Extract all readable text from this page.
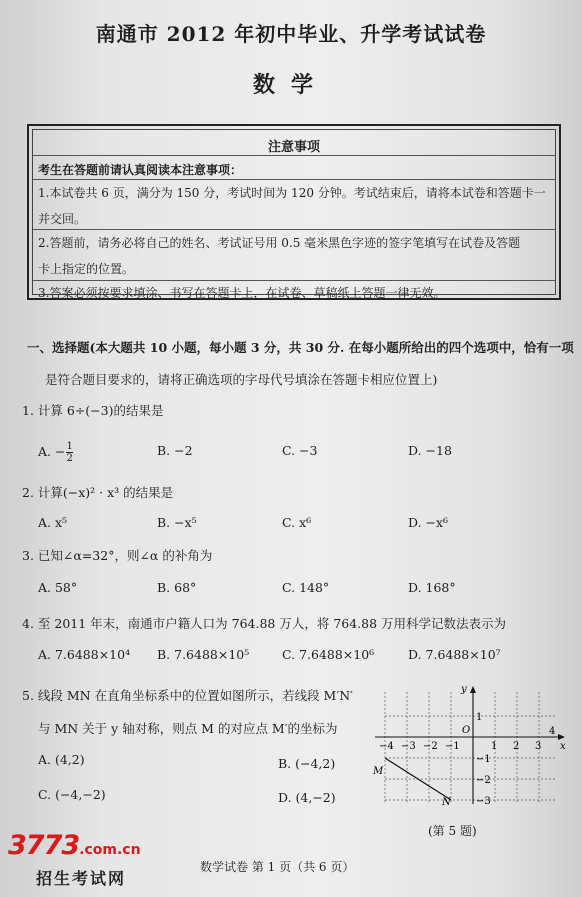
南通市 2012 年初中毕业、升学考试试卷
数学
注意事项
考生在答题前请认真阅读本注意事项：
1.本试卷共 6 页，满分为 150 分，考试时间为 120 分钟。考试结束后，请将本试卷和答题卡一
并交回。
2.答题前，请务必将自己的姓名、考试证号用 0.5 毫米黑色字迹的签字笔填写在试卷及答题
卡上指定的位置。
3.答案必须按要求填涂、书写在答题卡上，在试卷、草稿纸上答题一律无效。
一、选择题(本大题共 10 小题，每小题 3 分，共 30 分. 在每小题所给出的四个选项中，恰有一项
是符合题目要求的，请将正确选项的字母代号填涂在答题卡相应位置上)
1. 计算 6÷(−3)的结果是
A. − $\frac{1}{2}$	B. −2	C. −3	D. −18
2. 计算(−x)² · x³ 的结果是
A. x⁵	B. −x⁵	C. x⁶	D. −x⁶
3. 已知∠α=32°，则∠α 的补角为
A. 58°	B. 68°	C. 148°	D. 168°
4. 至 2011 年末，南通市户籍人口为 764.88 万人，将 764.88 万用科学记数法表示为
A. 7.6488×10⁴ B. 7.6488×10⁵	C. 7.6488×10⁶	D. 7.6488×10⁷
5. 线段 MN 在直角坐标系中的位置如图所示，若线段 M′N′
与 MN 关于 y 轴对称，则点 M 的对应点 M′的坐标为
A. (4,2)	B. (−4,2)
C. (−4,−2)	D. (4,−2)
y
x
O
−4 −3 −2 −1	1 2 3
4
1
−1
−2
−3
M
N
(第 5 题)
数学试卷 第 1 页（共 6 页）
3773.com.cn
招生考试网
